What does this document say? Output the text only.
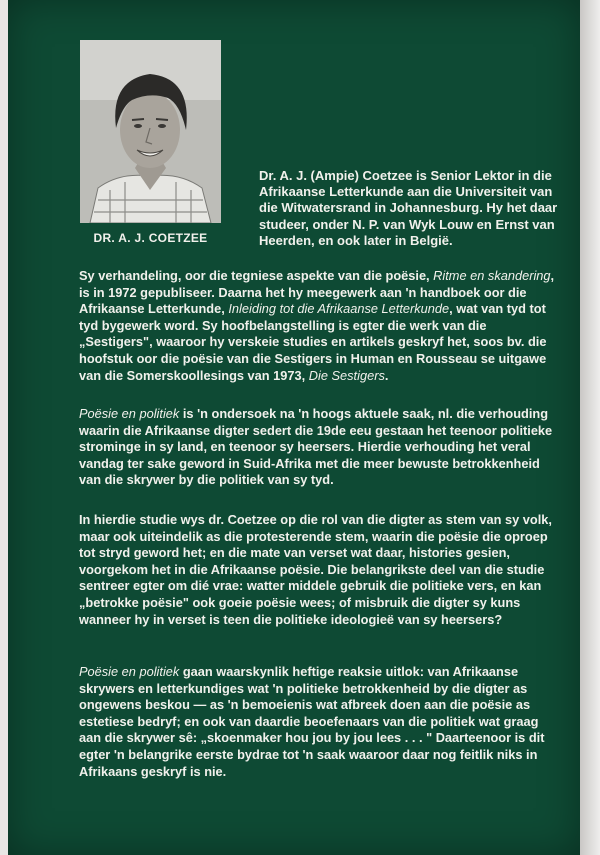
DR. A. J. COETZEE
Dr. A. J. (Ampie) Coetzee is Senior Lektor in die Afrikaanse Letterkunde aan die Universiteit van die Witwatersrand in Johannesburg. Hy het daar studeer, onder N. P. van Wyk Louw en Ernst van Heerden, en ook later in België.
Sy verhandeling, oor die tegniese aspekte van die poësie, Ritme en skandering, is in 1972 gepubliseer. Daarna het hy meegewerk aan 'n handboek oor die Afrikaanse Letterkunde, Inleiding tot die Afrikaanse Letterkunde, wat van tyd tot tyd bygewerk word. Sy hoofbelangstelling is egter die werk van die „Sestigers", waaroor hy verskeie studies en artikels geskryf het, soos bv. die hoofstuk oor die poësie van die Sestigers in Human en Rousseau se uitgawe van die Somerskoollesings van 1973, Die Sestigers.
Poësie en politiek is 'n ondersoek na 'n hoogs aktuele saak, nl. die verhouding waarin die Afrikaanse digter sedert die 19de eeu gestaan het teenoor politieke strominge in sy land, en teenoor sy heersers. Hierdie verhouding het veral vandag ter sake geword in Suid-Afrika met die meer bewuste betrokkenheid van die skrywer by die politiek van sy tyd.
In hierdie studie wys dr. Coetzee op die rol van die digter as stem van sy volk, maar ook uiteindelik as die protesterende stem, waarin die poësie die oproep tot stryd geword het; en die mate van verset wat daar, histories gesien, voorgekom het in die Afrikaanse poësie. Die belangrikste deel van die studie sentreer egter om dié vrae: watter middele gebruik die politieke vers, en kan „betrokke poësie" ook goeie poësie wees; of misbruik die digter sy kuns wanneer hy in verset is teen die politieke ideologieë van sy heersers?
Poësie en politiek gaan waarskynlik heftige reaksie uitlok: van Afrikaanse skrywers en letterkundiges wat 'n politieke betrokkenheid by die digter as ongewens beskou — as 'n bemoeienis wat afbreek doen aan die poësie as estetiese bedryf; en ook van daardie beoefenaars van die politiek wat graag aan die skrywer sê: „skoenmaker hou jou by jou lees . . . " Daarteenoor is dit egter 'n belangrike eerste bydrae tot 'n saak waaroor daar nog feitlik niks in Afrikaans geskryf is nie.
